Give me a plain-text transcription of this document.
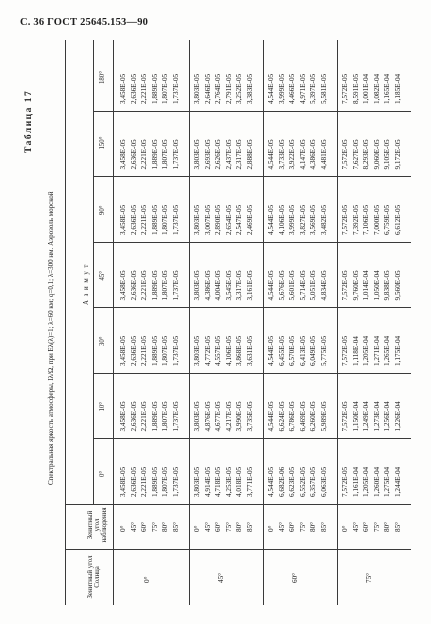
С. 36 ГОСТ 25645.153—90
Таблица 17
Спектральная яркость атмосферы, Iλ/Ω, при Eλ(λ)=1; λ=60 км; q=0,1; λ=300 нм. Аэрозоль морской
Зенитный угол наблюдения
Зенитный угол Солнца
А з и м у т
0°
10°
30°
45°
90°
150°
180°
0°
0° 45° 60° 75° 80° 85°
3,458E-05 2,636E-05 2,221E-05 1,889E-05 1,807E-05 1,737E-05
3,458E-05 2,636E-05 2,221E-05 1,889E-05 1,807E-05 1,737E-05
3,458E-05 2,636E-05 2,221E-05 1,889E-05 1,807E-05 1,737E-05
3,458E-05 2,636E-05 2,221E-05 1,889E-05 1,807E-05 1,737E-05
3,458E-05 2,636E-05 2,221E-05 1,889E-05 1,807E-05 1,737E-05
3,458E-05 2,636E-05 2,221E-05 1,889E-05 1,807E-05 1,737E-05
3,458E-05 2,636E-05 2,221E-05 1,889E-05 1,807E-05 1,737E-05
45°
0° 45° 60° 75° 80° 85°
3,803E-05 4,914E-05 4,718E-05 4,253E-05 4,018E-05 3,771E-05
3,803E-05 4,876E-05 4,677E-05 4,217E-05 3,990E-05 3,735E-05
3,803E-05 4,772E-05 4,557E-05 4,106E-05 3,868E-05 3,631E-05
3,803E-05 4,386E-05 4,004E-05 3,545E-05 3,317E-05 3,161E-05
3,803E-05 3,007E-05 2,890E-05 2,654E-05 2,547E-05 2,469E-05
3,803E-05 2,693E-05 2,626E-05 2,437E-05 2,317E-05 2,888E-05
3,803E-05 2,646E-05 2,764E-05 2,791E-05 3,252E-05 3,383E-05
60°
0° 45° 60° 75° 80° 85°
4,544E-05 6,682E-06 6,623E-05 6,552E-05 6,357E-05 6,063E-05
4,544E-05 6,624E-05 6,786E-05 6,469E-05 6,260E-05 5,989E-05
4,544E-05 6,455E-05 6,570E-05 6,413E-05 6,049E-05 5,775E-05
4,544E-05 5,676E-05 5,601E-05 5,714E-05 5,051E-05 4,834E-05
4,544E-05 4,106E-05 3,999E-05 3,827E-05 3,569E-05 3,482E-05
4,544E-05 3,733E-05 3,922E-05 4,147E-05 4,386E-05 4,481E-05
4,544E-05 3,999E-05 4,466E-05 4,971E-05 5,397E-05 5,581E-05
75°
0° 45° 60° 75° 80° 85°
7,572E-05 1,161E-04 1,205E-04 1,260E-04 1,275E-04 1,244E-04
7,572E-05 1,150E-04 1,249E-04 1,273E-04 1,256E-04 1,226E-04
7,572E-05 1,118E-04 1,205E-04 1,271E-04 1,265E-04 1,175E-04
7,572E-05 9,760E-05 1,014E-04 1,050E-04 9,838E-05 9,560E-05
7,572E-05 7,392E-05 7,106E-05 7,000E-05 6,759E-05 6,612E-05
7,572E-05 7,627E-05 8,293E-05 9,060E-05 9,105E-05 9,172E-05
7,572E-05 8,591E-05 1,001E-04 1,082E-04 1,165E-04 1,185E-04
